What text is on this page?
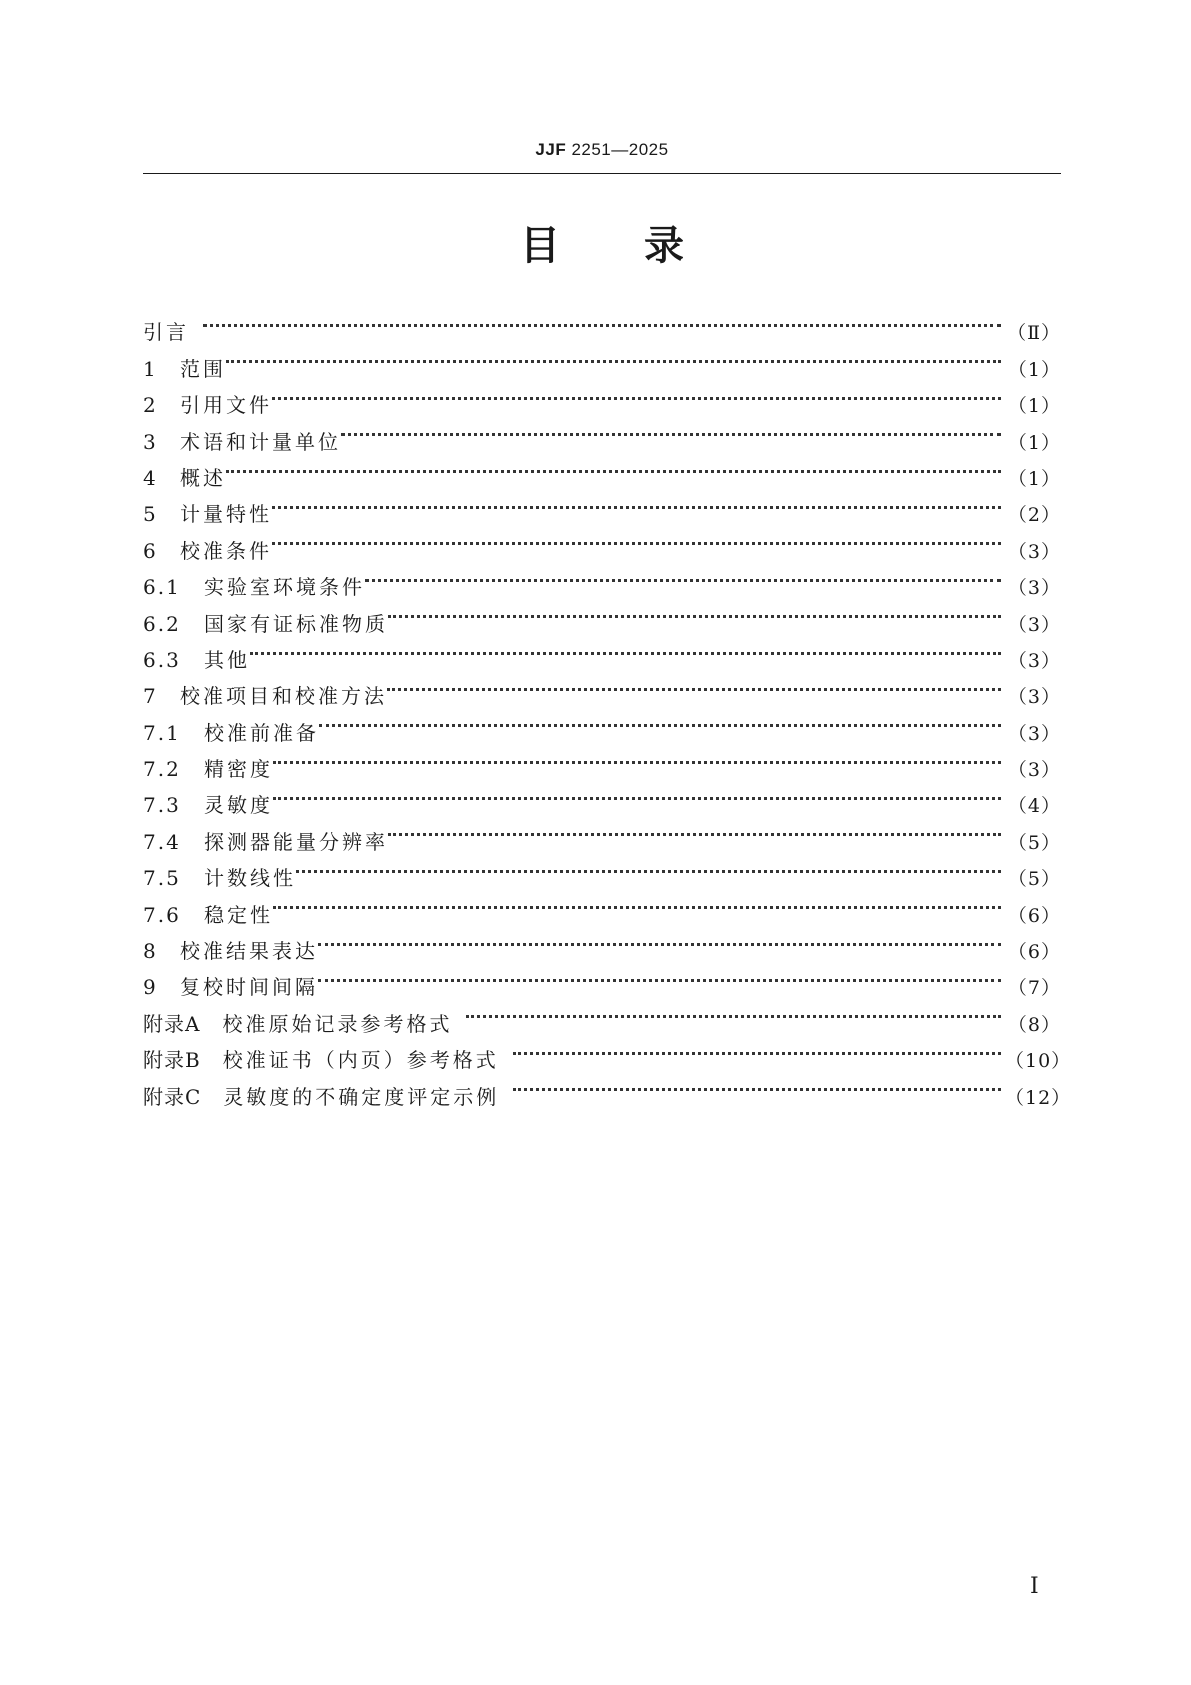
JJF 2251—2025
目 录
引言	（Ⅱ）
1	范围	（1）
2	引用文件	（1）
3	术语和计量单位	（1）
4	概述	（1）
5	计量特性	（2）
6	校准条件	（3）
6.1	实验室环境条件	（3）
6.2	国家有证标准物质	（3）
6.3	其他	（3）
7	校准项目和校准方法	（3）
7.1	校准前准备	（3）
7.2	精密度	（3）
7.3	灵敏度	（4）
7.4	探测器能量分辨率	（5）
7.5	计数线性	（5）
7.6	稳定性	（6）
8	校准结果表达	（6）
9	复校时间间隔	（7）
附录A 校准原始记录参考格式	（8）
附录B 校准证书（内页）参考格式	（10）
附录C 灵敏度的不确定度评定示例	（12）
Ⅰ
